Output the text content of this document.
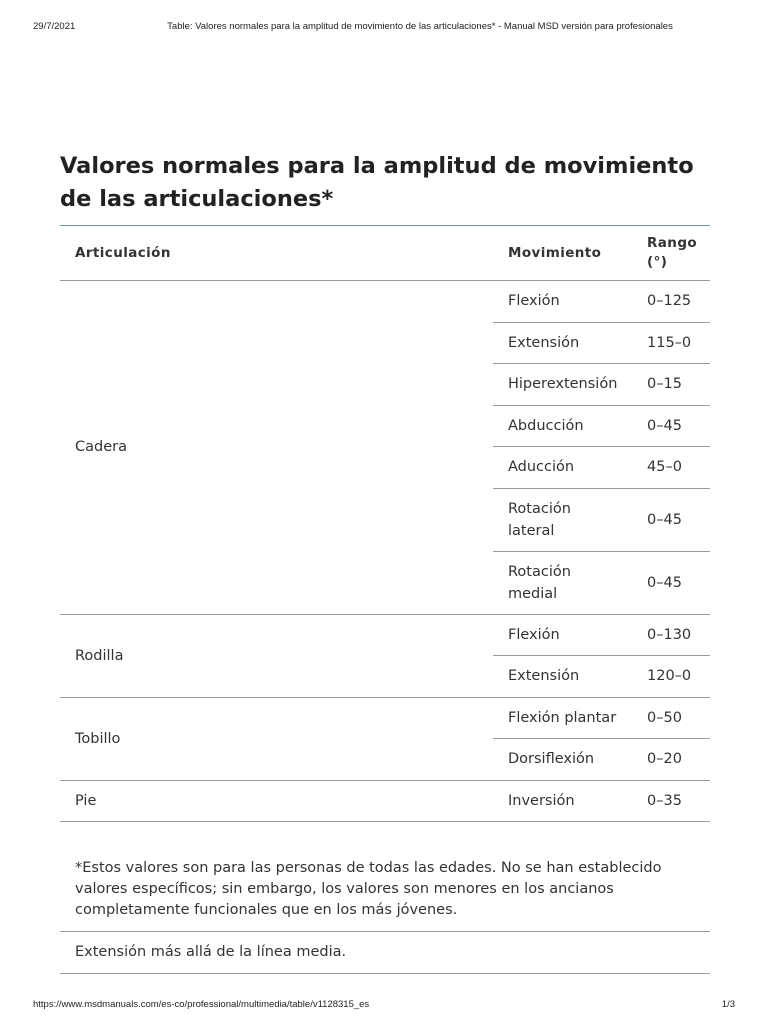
29/7/2021	Table: Valores normales para la amplitud de movimiento de las articulaciones* - Manual MSD versión para profesionales
Valores normales para la amplitud de movimiento de las articulaciones*
Articulación	Movimiento	Rango (°)
Cadera	Flexión	0–125
	Extensión	115–0
	Hiperextensión	0–15
	Abducción	0–45
	Aducción	45–0
	Rotación lateral	0–45
	Rotación medial	0–45
Rodilla	Flexión	0–130
	Extensión	120–0
Tobillo	Flexión plantar	0–50
	Dorsiflexión	0–20
Pie	Inversión	0–35
*Estos valores son para las personas de todas las edades. No se han establecido valores específicos; sin embargo, los valores son menores en los ancianos completamente funcionales que en los más jóvenes.
Extensión más allá de la línea media.
https://www.msdmanuals.com/es-co/professional/multimedia/table/v1128315_es	1/3
